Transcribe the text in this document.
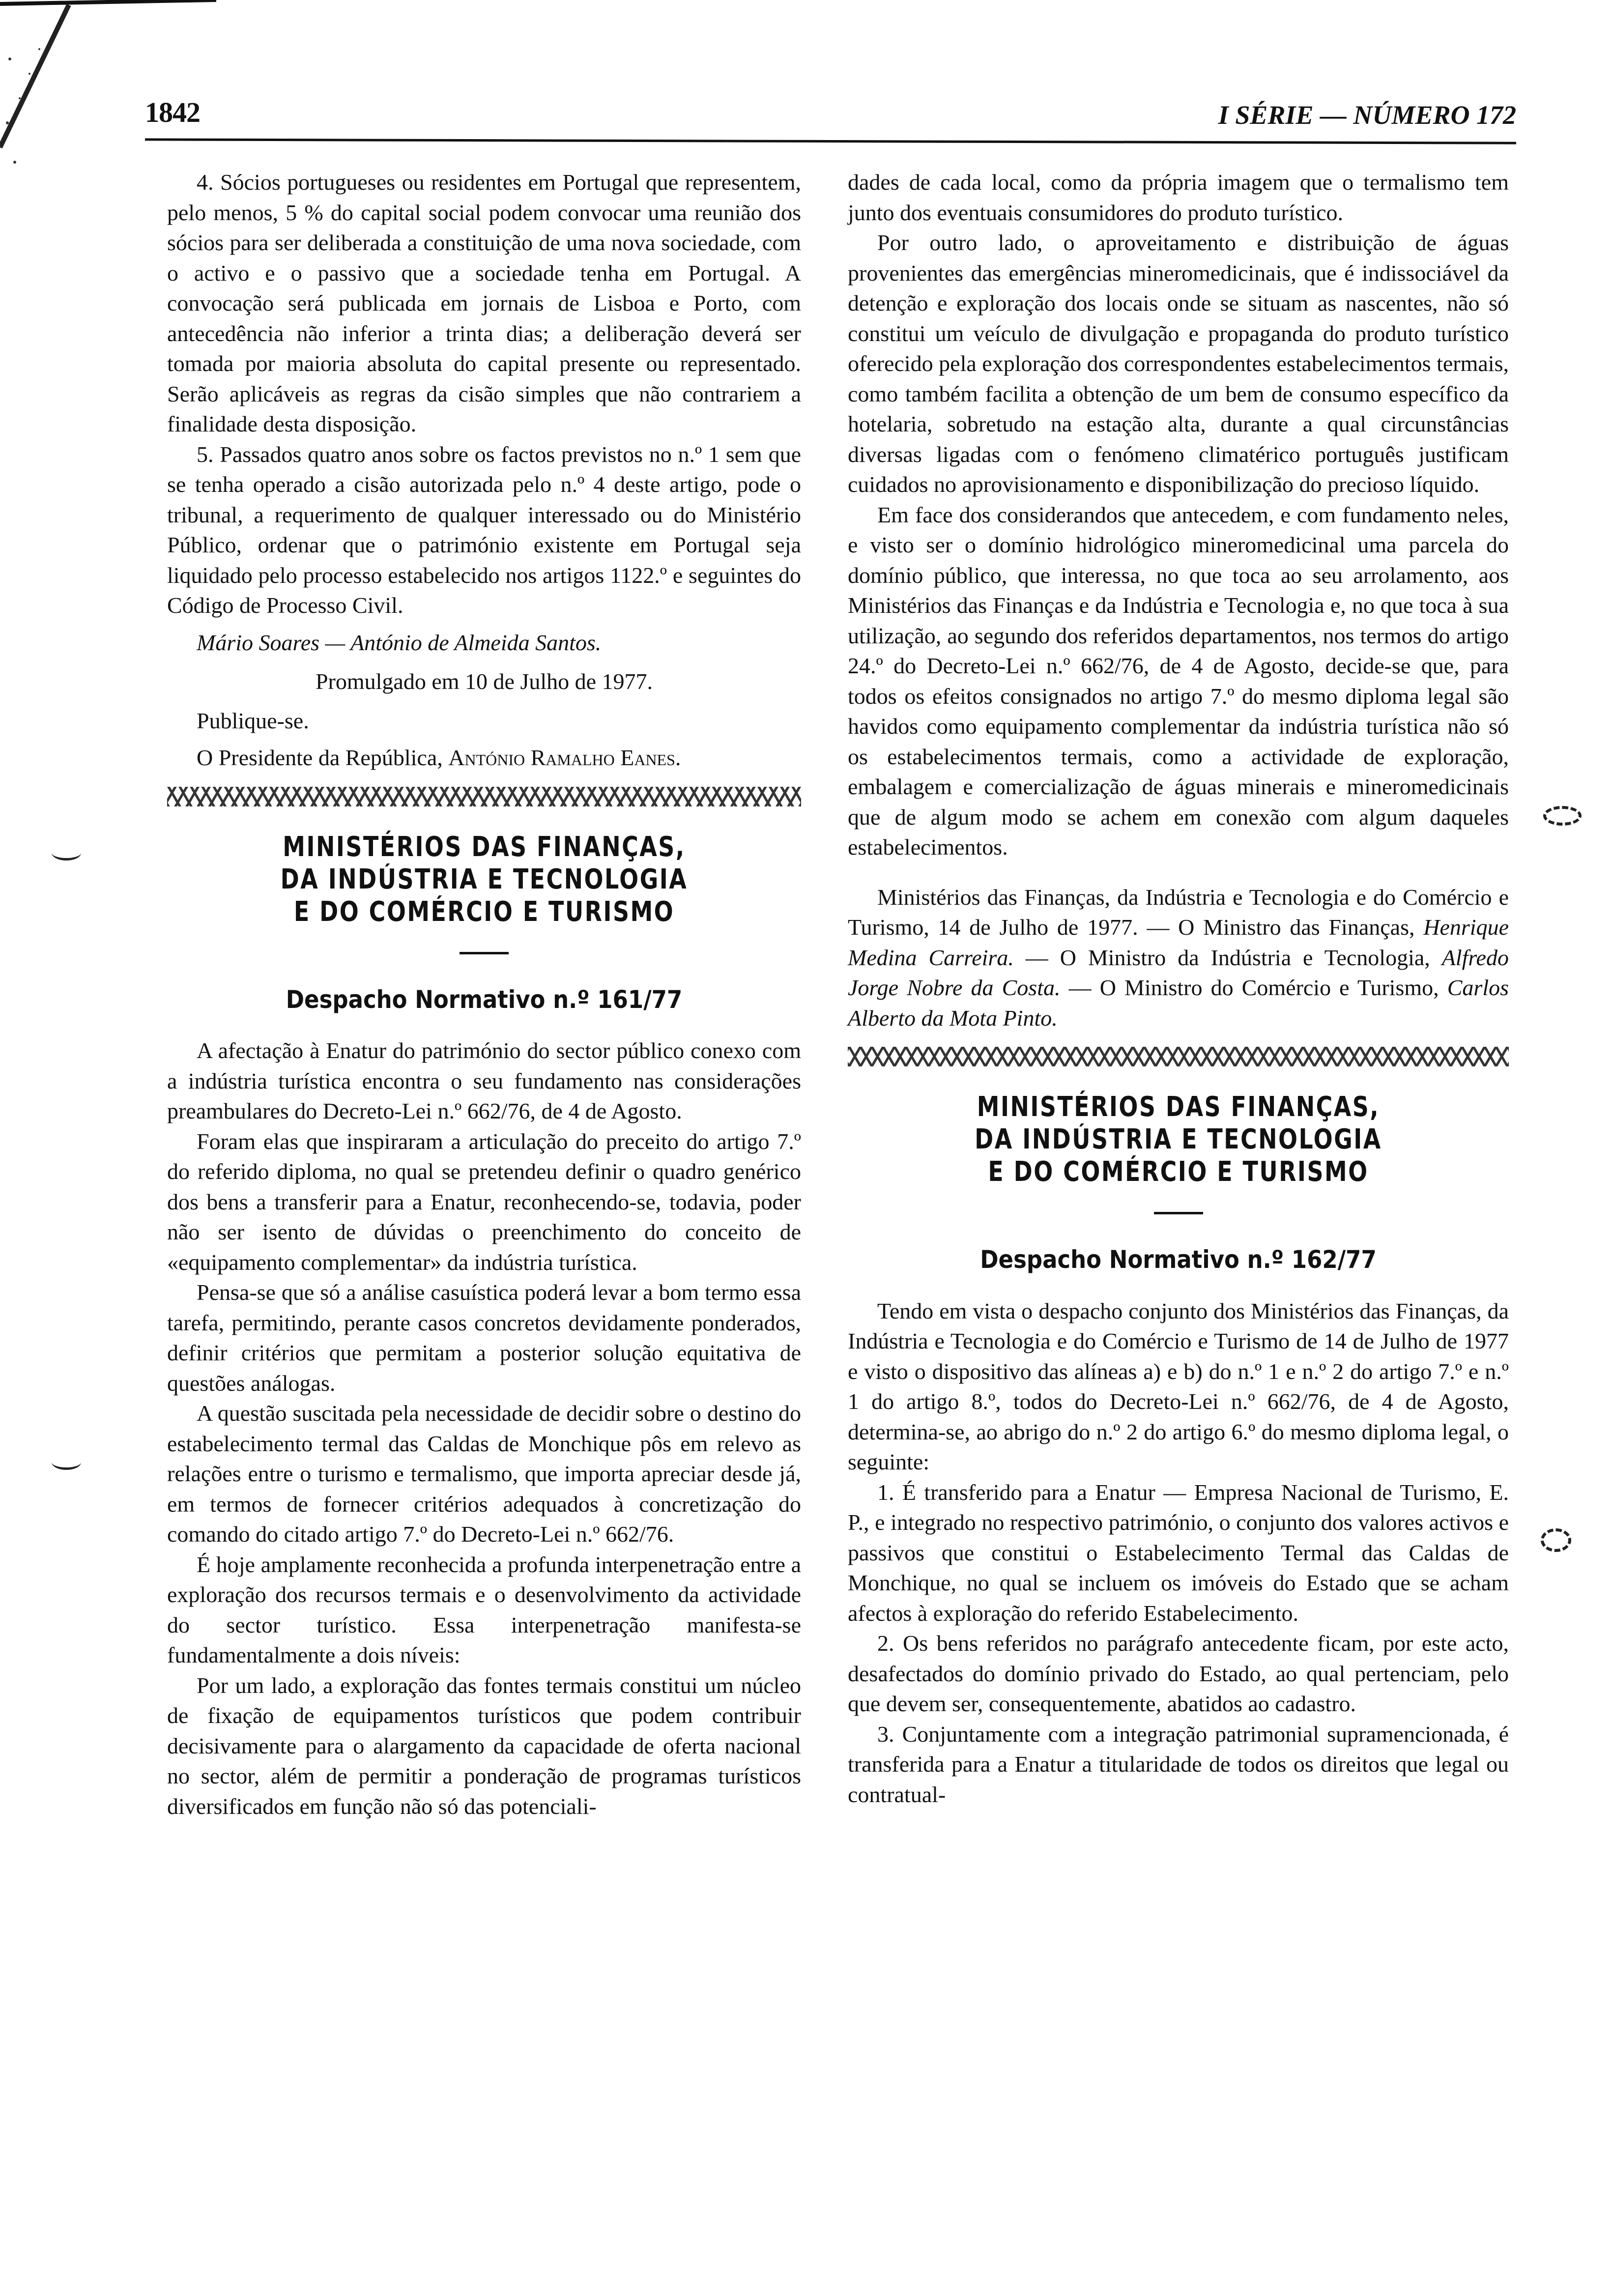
1842	I SÉRIE — NÚMERO 172

4. Sócios portugueses ou residentes em Portugal que representem, pelo menos, 5 % do capital social podem convocar uma reunião dos sócios para ser deliberada a constituição de uma nova sociedade, com o activo e o passivo que a sociedade tenha em Portugal. A convocação será publicada em jornais de Lisboa e Porto, com antecedência não inferior a trinta dias; a deliberação deverá ser tomada por maioria absoluta do capital presente ou representado. Serão aplicáveis as regras da cisão simples que não contrariem a finalidade desta disposição.

5. Passados quatro anos sobre os factos previstos no n.º 1 sem que se tenha operado a cisão autorizada pelo n.º 4 deste artigo, pode o tribunal, a requerimento de qualquer interessado ou do Ministério Público, ordenar que o património existente em Portugal seja liquidado pelo processo estabelecido nos artigos 1122.º e seguintes do Código de Processo Civil.

Mário Soares — António de Almeida Santos.

Promulgado em 10 de Julho de 1977.

Publique-se.

O Presidente da República, António Ramalho Eanes.

MINISTÉRIOS DAS FINANÇAS,

DA INDÚSTRIA E TECNOLOGIA

E DO COMÉRCIO E TURISMO

Despacho Normativo n.º 161/77

A afectação à Enatur do património do sector público conexo com a indústria turística encontra o seu fundamento nas considerações preambulares do Decreto-Lei n.º 662/76, de 4 de Agosto.

Foram elas que inspiraram a articulação do preceito do artigo 7.º do referido diploma, no qual se pretendeu definir o quadro genérico dos bens a transferir para a Enatur, reconhecendo-se, todavia, poder não ser isento de dúvidas o preenchimento do conceito de «equipamento complementar» da indústria turística.

Pensa-se que só a análise casuística poderá levar a bom termo essa tarefa, permitindo, perante casos concretos devidamente ponderados, definir critérios que permitam a posterior solução equitativa de questões análogas.

A questão suscitada pela necessidade de decidir sobre o destino do estabelecimento termal das Caldas de Monchique pôs em relevo as relações entre o turismo e termalismo, que importa apreciar desde já, em termos de fornecer critérios adequados à concretização do comando do citado artigo 7.º do Decreto-Lei n.º 662/76.

É hoje amplamente reconhecida a profunda interpenetração entre a exploração dos recursos termais e o desenvolvimento da actividade do sector turístico. Essa interpenetração manifesta-se fundamentalmente a dois níveis:

Por um lado, a exploração das fontes termais constitui um núcleo de fixação de equipamentos turísticos que podem contribuir decisivamente para o alargamento da capacidade de oferta nacional no sector, além de permitir a ponderação de programas turísticos diversificados em função não só das potenciali-

dades de cada local, como da própria imagem que o termalismo tem junto dos eventuais consumidores do produto turístico.

Por outro lado, o aproveitamento e distribuição de águas provenientes das emergências mineromedicinais, que é indissociável da detenção e exploração dos locais onde se situam as nascentes, não só constitui um veículo de divulgação e propaganda do produto turístico oferecido pela exploração dos correspondentes estabelecimentos termais, como também facilita a obtenção de um bem de consumo específico da hotelaria, sobretudo na estação alta, durante a qual circunstâncias diversas ligadas com o fenómeno climatérico português justificam cuidados no aprovisionamento e disponibilização do precioso líquido.

Em face dos considerandos que antecedem, e com fundamento neles, e visto ser o domínio hidrológico mineromedicinal uma parcela do domínio público, que interessa, no que toca ao seu arrolamento, aos Ministérios das Finanças e da Indústria e Tecnologia e, no que toca à sua utilização, ao segundo dos referidos departamentos, nos termos do artigo 24.º do Decreto-Lei n.º 662/76, de 4 de Agosto, decide-se que, para todos os efeitos consignados no artigo 7.º do mesmo diploma legal são havidos como equipamento complementar da indústria turística não só os estabelecimentos termais, como a actividade de exploração, embalagem e comercialização de águas minerais e mineromedicinais que de algum modo se achem em conexão com algum daqueles estabelecimentos.

Ministérios das Finanças, da Indústria e Tecnologia e do Comércio e Turismo, 14 de Julho de 1977. — O Ministro das Finanças, Henrique Medina Carreira. — O Ministro da Indústria e Tecnologia, Alfredo Jorge Nobre da Costa. — O Ministro do Comércio e Turismo, Carlos Alberto da Mota Pinto.

MINISTÉRIOS DAS FINANÇAS,

DA INDÚSTRIA E TECNOLOGIA

E DO COMÉRCIO E TURISMO

Despacho Normativo n.º 162/77

Tendo em vista o despacho conjunto dos Ministérios das Finanças, da Indústria e Tecnologia e do Comércio e Turismo de 14 de Julho de 1977 e visto o dispositivo das alíneas a) e b) do n.º 1 e n.º 2 do artigo 7.º e n.º 1 do artigo 8.º, todos do Decreto-Lei n.º 662/76, de 4 de Agosto, determina-se, ao abrigo do n.º 2 do artigo 6.º do mesmo diploma legal, o seguinte:

1. É transferido para a Enatur — Empresa Nacional de Turismo, E. P., e integrado no respectivo património, o conjunto dos valores activos e passivos que constitui o Estabelecimento Termal das Caldas de Monchique, no qual se incluem os imóveis do Estado que se acham afectos à exploração do referido Estabelecimento.

2. Os bens referidos no parágrafo antecedente ficam, por este acto, desafectados do domínio privado do Estado, ao qual pertenciam, pelo que devem ser, consequentemente, abatidos ao cadastro.

3. Conjuntamente com a integração patrimonial supramencionada, é transferida para a Enatur a titularidade de todos os direitos que legal ou contratual-
